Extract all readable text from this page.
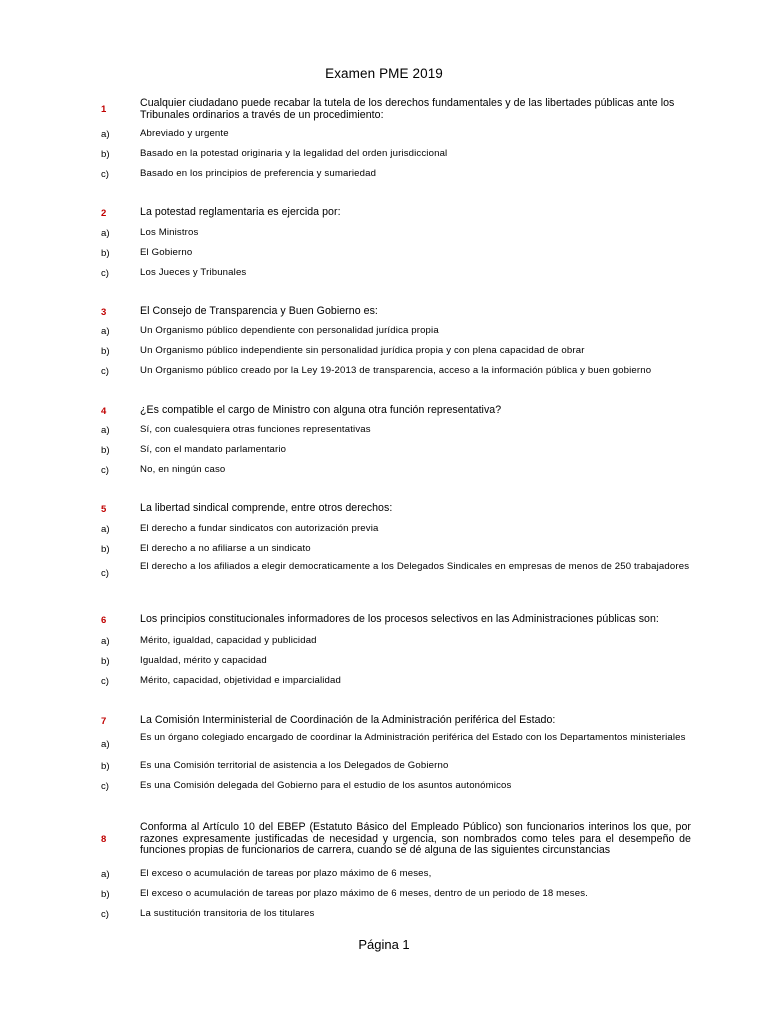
Examen PME 2019
1
Cualquier ciudadano puede recabar la tutela de los derechos fundamentales y de las libertades públicas ante los Tribunales ordinarios a través de un procedimiento:
a)	Abreviado y urgente
b)	Basado en la potestad originaria y la legalidad del orden jurisdiccional
c)	Basado en los principios de preferencia y sumariedad
2	La potestad reglamentaria es ejercida por:
a)	Los Ministros
b)	El Gobierno
c)	Los Jueces y Tribunales
3	El Consejo de Transparencia y Buen Gobierno es:
a)	Un Organismo público dependiente con personalidad jurídica propia
b)	Un Organismo público independiente sin personalidad jurídica propia y con plena capacidad de obrar
c)	Un Organismo público creado por la Ley 19-2013 de transparencia, acceso a la información pública y buen gobierno
4	¿Es compatible el cargo de Ministro con alguna otra función representativa?
a)	Sí, con cualesquiera otras funciones representativas
b)	Sí, con el mandato parlamentario
c)	No, en ningún caso
5	La libertad sindical comprende, entre otros derechos:
a)	El derecho a fundar sindicatos con autorización previa
b)	El derecho a no afiliarse a un sindicato
c)
El derecho a los afiliados a elegir democraticamente a los Delegados Sindicales en empresas de menos de 250 trabajadores
6	Los principios constitucionales informadores de los procesos selectivos en las Administraciones públicas son:
a)	Mérito, igualdad, capacidad y publicidad
b)	Igualdad, mérito y capacidad
c)	Mérito, capacidad, objetividad e imparcialidad
7	La Comisión Interministerial de Coordinación de la Administración periférica del Estado:
a)
Es un órgano colegiado encargado de coordinar la Administración periférica del Estado con los Departamentos ministeriales
b)	Es una Comisión territorial de asistencia a los Delegados de Gobierno
c)	Es una Comisión delegada del Gobierno para el estudio de los asuntos autonómicos
8
Conforma al Artículo 10 del EBEP (Estatuto Básico del Empleado Público) son funcionarios interinos los que, por razones expresamente justificadas de necesidad y urgencia, son nombrados como teles para el desempeño de funciones propias de funcionarios de carrera, cuando se dé alguna de las siguientes circunstancias
a)	El exceso o acumulación de tareas por plazo máximo de 6 meses,
b)	El exceso o acumulación de tareas por plazo máximo de 6 meses, dentro de un periodo de 18 meses.
c)	La sustitución transitoria de los titulares
Página 1
